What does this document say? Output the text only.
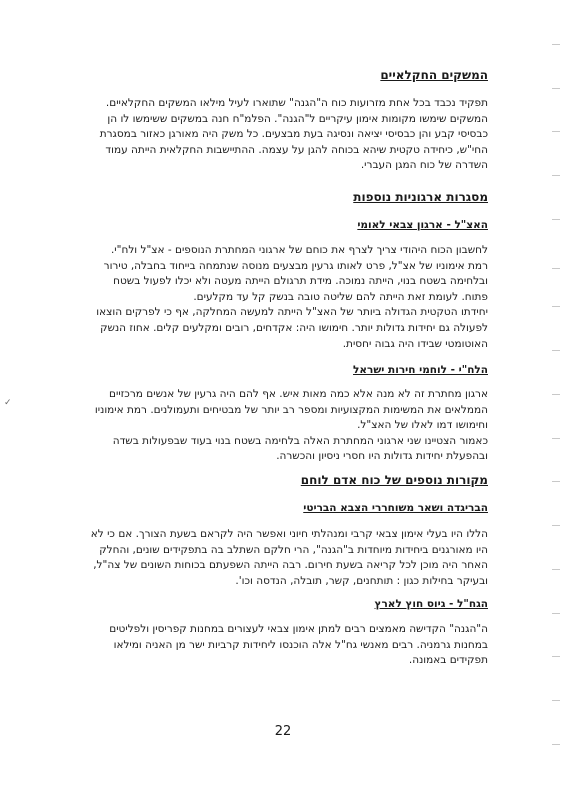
✓
המשקים החקלאיים
תפקיד נכבד בכל אחת מזרועות כוח ה"הגנה" שתוארו לעיל מילאו המשקים החקלאיים.
המשקים שימשו מקומות אימון עיקריים ל"הגנה". הפלמ"ח חנה במשקים ששימשו לו הן
כבסיסי קבע והן כבסיסי יציאה ונסיגה בעת מבצעים. כל משק היה מאורגן כאזור במסגרת
החי"ש, כיחידה טקטית שיהא בכוחה להגן על עצמה. ההתיישבות החקלאית הייתה עמוד
השדרה של כוח המגן העברי.
מסגרות ארגוניות נוספות
האצ"ל - ארגון צבאי לאומי
לחשבון הכוח היהודי צריך לצרף את כוחם של ארגוני המחתרת הנוספים - אצ"ל ולח"י.
רמת אימוניו של אצ"ל, פרט לאותו גרעין מבצעים מנוסה שנתמחה בייחוד בחבלה, טירור
ובלחימה בשטח בנוי, הייתה נמוכה. מידת תרגולם הייתה מעטה ולא יכלו לפעול בשטח
פתוח. לעומת זאת הייתה להם שליטה טובה בנשק קל עד מקלעים.
יחידתו הטקטית הגדולה ביותר של האצ"ל הייתה למעשה המחלקה, אף כי לפרקים הוצאו
לפעולה גם יחידות גדולות יותר. חימושו היה: אקדחים, רובים ומקלעים קלים. אחוז הנשק
האוטומטי שבידו היה גבוה יחסית.
הלח"י - לוחמי חירות ישראל
ארגון מחתרת זה לא מנה אלא כמה מאות איש. אף להם היה גרעין של אנשים מרכזיים
הממלאים את המשימות המקצועיות ומספר רב יותר של מבטיחים ותעמולנים. רמת אימוניו
וחימושו דמו לאלו של האצ"ל.
כאמור הצטיינו שני ארגוני המחתרת האלה בלחימה בשטח בנוי בעוד שבפעולות בשדה
ובהפעלת יחידות גדולות היו חסרי ניסיון והכשרה.
מקורות נוספים של כוח אדם לוחם
הבריגדה ושאר משוחררי הצבא הבריטי
הללו היו בעלי אימון צבאי קרבי ומנהלתי חיוני ואפשר היה לקראם בשעת הצורך. אם כי לא
היו מאורגנים ביחידות מיוחדות ב"הגנה", הרי חלקם השתלב בה בתפקידים שונים, והחלק
האחר היה מוכן לכל קריאה בשעת חירום. רבה הייתה השפעתם בכוחות השונים של צה"ל,
ובעיקר בחילות כגון : תותחנים, קשר, תובלה, הנדסה וכו'.
הגח"ל - גיוס חוץ לארץ
ה"הגנה" הקדישה מאמצים רבים למתן אימון צבאי לעצורים במחנות קפריסין ולפליטים
במחנות גרמניה. רבים מאנשי גח"ל אלה הוכנסו ליחידות קרביות ישר מן האניה ומילאו
תפקידים באמונה.
22
